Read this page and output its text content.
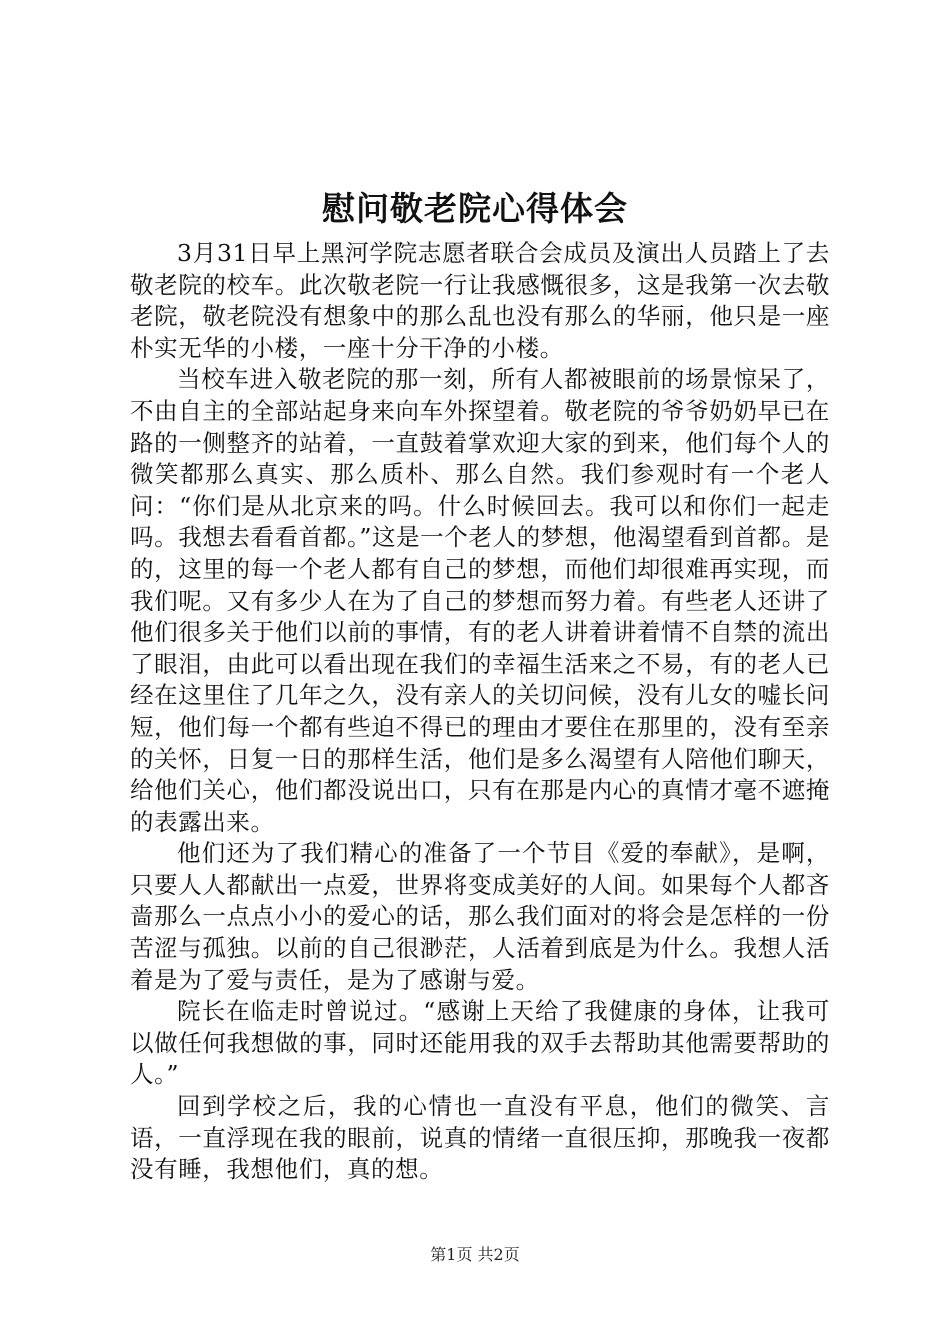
慰问敬老院心得体会

3月31日早上黑河学院志愿者联合会成员及演出人员踏上了去敬老院的校车。此次敬老院一行让我感慨很多，这是我第一次去敬老院，敬老院没有想象中的那么乱也没有那么的华丽，他只是一座朴实无华的小楼，一座十分干净的小楼。

当校车进入敬老院的那一刻，所有人都被眼前的场景惊呆了，不由自主的全部站起身来向车外探望着。敬老院的爷爷奶奶早已在路的一侧整齐的站着，一直鼓着掌欢迎大家的到来，他们每个人的微笑都那么真实、那么质朴、那么自然。我们参观时有一个老人问：“你们是从北京来的吗。什么时候回去。我可以和你们一起走吗。我想去看看首都。”这是一个老人的梦想，他渴望看到首都。是的，这里的每一个老人都有自己的梦想，而他们却很难再实现，而我们呢。又有多少人在为了自己的梦想而努力着。有些老人还讲了他们很多关于他们以前的事情，有的老人讲着讲着情不自禁的流出了眼泪，由此可以看出现在我们的幸福生活来之不易，有的老人已经在这里住了几年之久，没有亲人的关切问候，没有儿女的嘘长问短，他们每一个都有些迫不得已的理由才要住在那里的，没有至亲的关怀，日复一日的那样生活，他们是多么渴望有人陪他们聊天，给他们关心，他们都没说出口，只有在那是内心的真情才毫不遮掩的表露出来。

他们还为了我们精心的准备了一个节目《爱的奉献》，是啊，只要人人都献出一点爱，世界将变成美好的人间。如果每个人都吝啬那么一点点小小的爱心的话，那么我们面对的将会是怎样的一份苦涩与孤独。以前的自己很渺茫，人活着到底是为什么。我想人活着是为了爱与责任，是为了感谢与爱。

院长在临走时曾说过。“感谢上天给了我健康的身体，让我可以做任何我想做的事，同时还能用我的双手去帮助其他需要帮助的人。”

回到学校之后，我的心情也一直没有平息，他们的微笑、言语，一直浮现在我的眼前，说真的情绪一直很压抑，那晚我一夜都没有睡，我想他们，真的想。

第1页 共2页
